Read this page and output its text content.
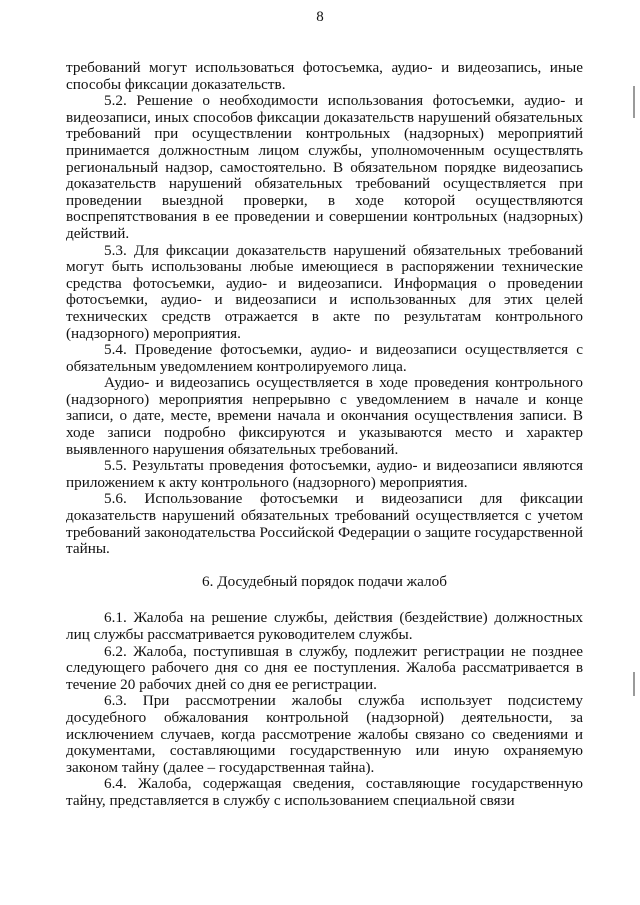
8

требований могут использоваться фотосъемка, аудио- и видеозапись, иные способы фиксации доказательств.

5.2. Решение о необходимости использования фотосъемки, аудио- и видеозаписи, иных способов фиксации доказательств нарушений обязательных требований при осуществлении контрольных (надзорных) мероприятий принимается должностным лицом службы, уполномоченным осуществлять региональный надзор, самостоятельно. В обязательном порядке видеозапись доказательств нарушений обязательных требований осуществляется при проведении выездной проверки, в ходе которой осуществляются воспрепятствования в ее проведении и совершении контрольных (надзорных) действий.

5.3. Для фиксации доказательств нарушений обязательных требований могут быть использованы любые имеющиеся в распоряжении технические средства фотосъемки, аудио- и видеозаписи. Информация о проведении фотосъемки, аудио- и видеозаписи и использованных для этих целей технических средств отражается в акте по результатам контрольного (надзорного) мероприятия.

5.4. Проведение фотосъемки, аудио- и видеозаписи осуществляется с обязательным уведомлением контролируемого лица.

Аудио- и видеозапись осуществляется в ходе проведения контрольного (надзорного) мероприятия непрерывно с уведомлением в начале и конце записи, о дате, месте, времени начала и окончания осуществления записи. В ходе записи подробно фиксируются и указываются место и характер выявленного нарушения обязательных требований.

5.5. Результаты проведения фотосъемки, аудио- и видеозаписи являются приложением к акту контрольного (надзорного) мероприятия.

5.6. Использование фотосъемки и видеозаписи для фиксации доказательств нарушений обязательных требований осуществляется с учетом требований законодательства Российской Федерации о защите государственной тайны.

6. Досудебный порядок подачи жалоб

6.1. Жалоба на решение службы, действия (бездействие) должностных лиц службы рассматривается руководителем службы.

6.2. Жалоба, поступившая в службу, подлежит регистрации не позднее следующего рабочего дня со дня ее поступления. Жалоба рассматривается в течение 20 рабочих дней со дня ее регистрации.

6.3. При рассмотрении жалобы служба использует подсистему досудебного обжалования контрольной (надзорной) деятельности, за исключением случаев, когда рассмотрение жалобы связано со сведениями и документами, составляющими государственную или иную охраняемую законом тайну (далее – государственная тайна).

6.4. Жалоба, содержащая сведения, составляющие государственную тайну, представляется в службу с использованием специальной связи
